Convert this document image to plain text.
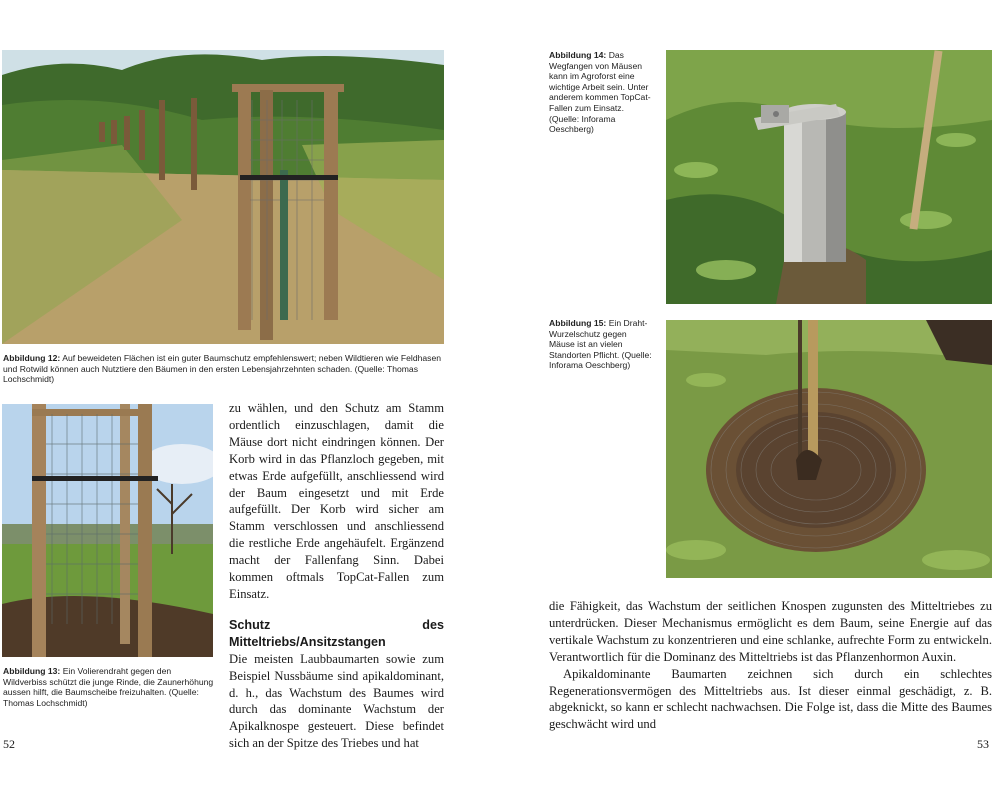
Abbildung 12: Auf beweideten Flächen ist ein guter Baumschutz empfehlenswert; neben Wildtieren wie Feldhasen und Rotwild können auch Nutztiere den Bäumen in den ersten Lebensjahrzehnten schaden. (Quelle: Thomas Lochschmidt)
Abbildung 13: Ein Volierendraht gegen den Wildverbiss schützt die junge Rinde, die Zaunerhöhung aussen hilft, die Baumscheibe freizuhalten. (Quelle: Thomas Lochschmidt)

zu wählen, und den Schutz am Stamm ordentlich einzuschlagen, damit die Mäuse dort nicht eindringen können. Der Korb wird in das Pflanzloch gegeben, mit etwas Erde aufgefüllt, anschliessend wird der Baum eingesetzt und mit Erde aufgefüllt. Der Korb wird sicher am Stamm verschlossen und anschliessend die restliche Erde angehäufelt. Ergänzend macht der Fallenfang Sinn. Dabei kommen oftmals TopCat-Fallen zum Einsatz.

Schutz des Mitteltriebs/Ansitzstangen

Die meisten Laubbaumarten sowie zum Beispiel Nussbäume sind apikaldominant, d. h., das Wachstum des Baumes wird durch das dominante Wachstum der Apikalknospe gesteuert. Diese befindet sich an der Spitze des Triebes und hat

52
Abbildung 14: Das Wegfangen von Mäusen kann im Agroforst eine wichtige Arbeit sein. Unter anderem kommen TopCat-Fallen zum Einsatz. (Quelle: Inforama Oeschberg)
Abbildung 15: Ein Draht-Wurzelschutz gegen Mäuse ist an vielen Standorten Pflicht. (Quelle: Inforama Oeschberg)

die Fähigkeit, das Wachstum der seitlichen Knospen zugunsten des Mitteltriebes zu unterdrücken. Dieser Mechanismus ermöglicht es dem Baum, seine Energie auf das vertikale Wachstum zu konzentrieren und eine schlanke, aufrechte Form zu entwickeln. Verantwortlich für die Dominanz des Mitteltriebs ist das Pflanzenhormon Auxin.

Apikaldominante Baumarten zeichnen sich durch ein schlechtes Regenerationsvermögen des Mitteltriebs aus. Ist dieser einmal geschädigt, z. B. abgeknickt, so kann er schlecht nachwachsen. Die Folge ist, dass die Mitte des Baumes geschwächt wird und

53
